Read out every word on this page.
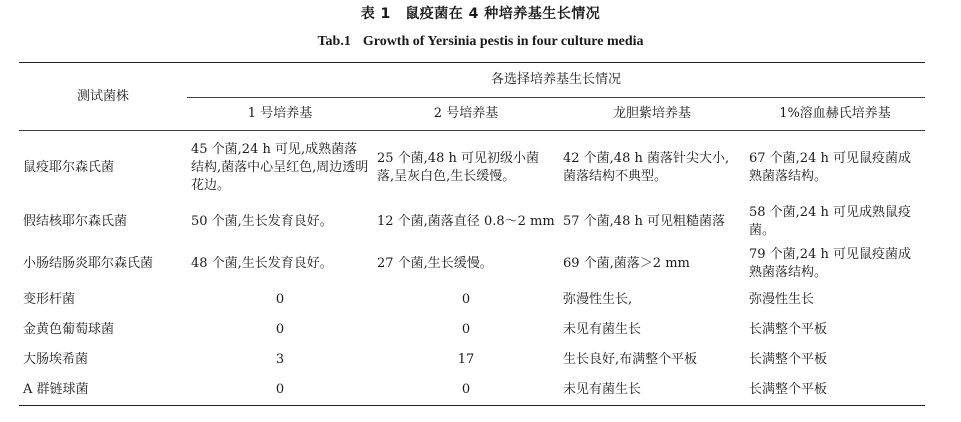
表 1　鼠疫菌在 4 种培养基生长情况
Tab.1 Growth of Yersinia pestis in four culture media
测试菌株	各选择培养基生长情况			
	1 号培养基	2 号培养基	龙胆紫培养基	1%溶血赫氏培养基
鼠疫耶尔森氏菌	45 个菌,24 h 可见,成熟菌落结构,菌落中心呈红色,周边透明花边。	25 个菌,48 h 可见初级小菌落,呈灰白色,生长缓慢。	42 个菌,48 h 菌落针尖大小,菌落结构不典型。	67 个菌,24 h 可见鼠疫菌成熟菌落结构。
假结核耶尔森氏菌	50 个菌,生长发育良好。	12 个菌,菌落直径 0.8～2 mm	57 个菌,48 h 可见粗糙菌落	58 个菌,24 h 可见成熟鼠疫菌。
小肠结肠炎耶尔森氏菌	48 个菌,生长发育良好。	27 个菌,生长缓慢。	69 个菌,菌落＞2 mm	79 个菌,24 h 可见鼠疫菌成熟菌落结构。
变形杆菌	0	0	弥漫性生长,	弥漫性生长
金黄色葡萄球菌	0	0	未见有菌生长	长满整个平板
大肠埃希菌	3	17	生长良好,布满整个平板	长满整个平板
A 群链球菌	0	0	未见有菌生长	长满整个平板
